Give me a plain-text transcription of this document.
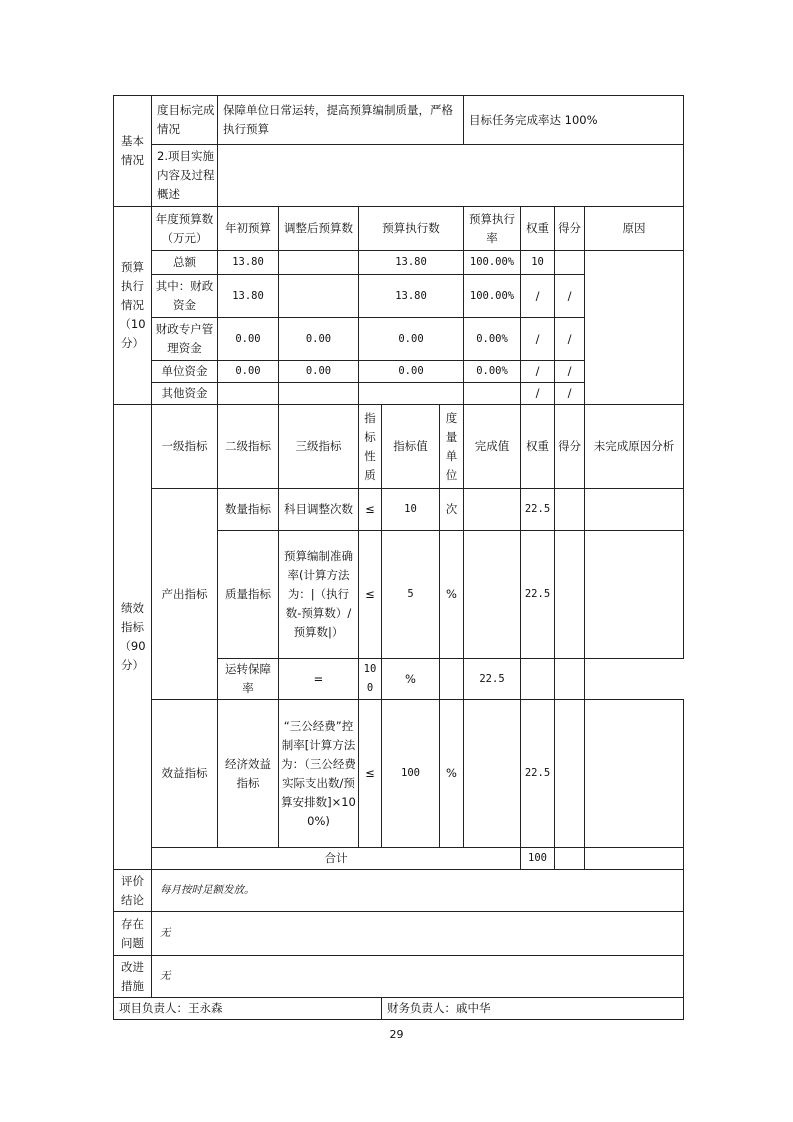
基本情况	度目标完成情况	保障单位日常运转，提高预算编制质量，严格执行预算					目标任务完成率达 100%			
	2.项目实施内容及过程概述									
预算执行情况（10分）	年度预算数（万元）	年初预算	调整后预算数	预算执行数			预算执行率	权重	得分	原因
	总额	13.80		13.80			100.00%	10		
	其中：财政资金	13.80		13.80			100.00%	/	/	
	财政专户管理资金	0.00	0.00	0.00			0.00%	/	/	
	单位资金	0.00	0.00	0.00			0.00%	/	/	
	其他资金							/	/	
绩效指标（90分）	一级指标	二级指标	三级指标	指标性质	指标值	度量单位	完成值	权重	得分	未完成原因分析
	产出指标	数量指标	科目调整次数	≤	10	次		22.5		
		质量指标	预算编制准确率(计算方法为：|（执行数-预算数）/预算数|）	≤	5	%		22.5		
		运转保障率	=	100	%		22.5			
	效益指标	经济效益指标	“三公经费”控制率[计算方法为：（三公经费实际支出数/预算安排数]×100%)	≤	100	%		22.5		
	合计							100		
评价结论	每月按时足额发放。									
存在问题	无									
改进措施	无									
项目负责人：王永森					财务负责人：戚中华					
29
